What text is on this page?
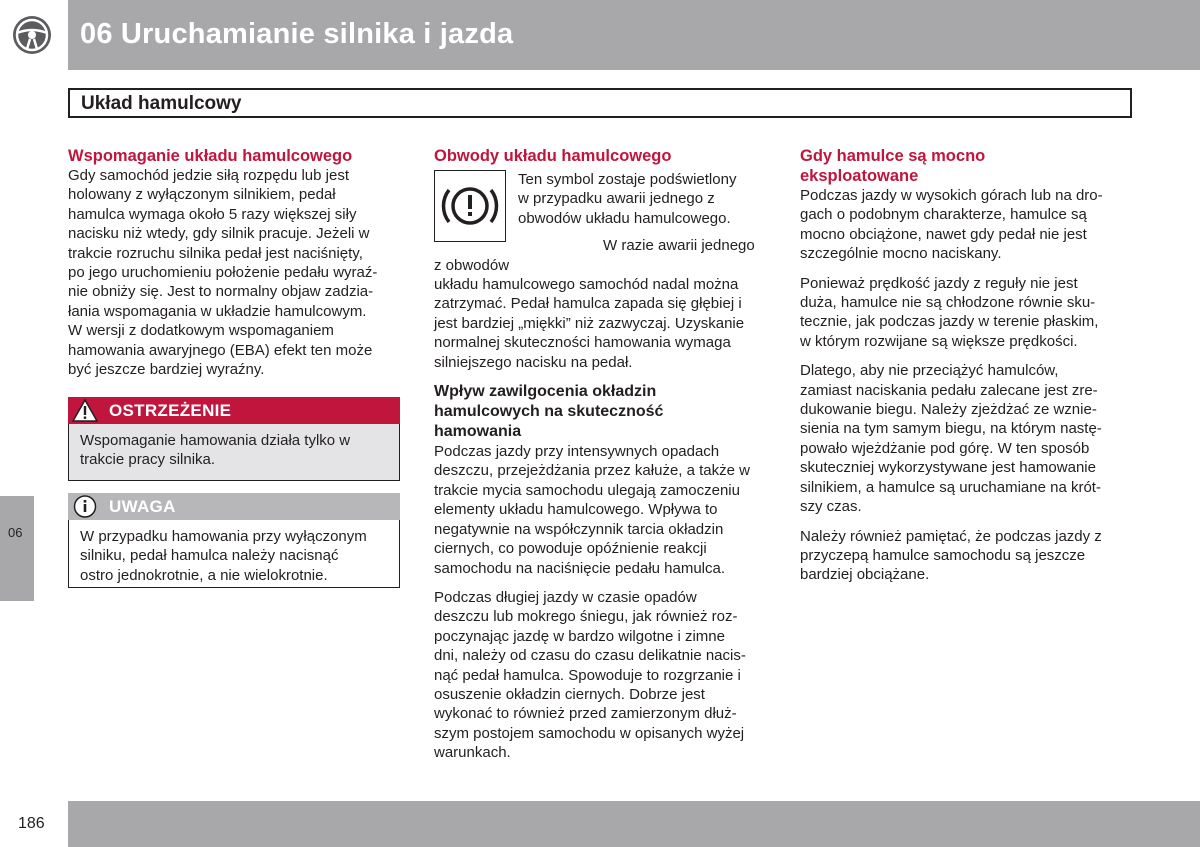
06 Uruchamianie silnika i jazda
Układ hamulcowy
Wspomaganie układu hamulcowego

Gdy samochód jedzie siłą rozpędu lub jest
holowany z wyłączonym silnikiem, pedał
hamulca wymaga około 5 razy większej siły
nacisku niż wtedy, gdy silnik pracuje. Jeżeli w
trakcie rozruchu silnika pedał jest naciśnięty,
po jego uruchomieniu położenie pedału wyraź-
nie obniży się. Jest to normalny objaw zadzia-
łania wspomagania w układzie hamulcowym.
W wersji z dodatkowym wspomaganiem
hamowania awaryjnego (EBA) efekt ten może
być jeszcze bardziej wyraźny.

OSTRZEŻENIE

Wspomaganie hamowania działa tylko w
trakcie pracy silnika.

UWAGA

W przypadku hamowania przy wyłączonym
silniku, pedał hamulca należy nacisnąć
ostro jednokrotnie, a nie wielokrotnie.

Obwody układu hamulcowego

Ten symbol zostaje podświetlony
w przypadku awarii jednego z
obwodów układu hamulcowego.

W razie awarii jednego z obwodów
układu hamulcowego samochód nadal można
zatrzymać. Pedał hamulca zapada się głębiej i
jest bardziej „miękki” niż zazwyczaj. Uzyskanie
normalnej skuteczności hamowania wymaga
silniejszego nacisku na pedał.

Wpływ zawilgocenia okładzin
hamulcowych na skuteczność
hamowania

Podczas jazdy przy intensywnych opadach
deszczu, przejeżdżania przez kałuże, a także w
trakcie mycia samochodu ulegają zamoczeniu
elementy układu hamulcowego. Wpływa to
negatywnie na współczynnik tarcia okładzin
ciernych, co powoduje opóźnienie reakcji
samochodu na naciśnięcie pedału hamulca.

Podczas długiej jazdy w czasie opadów
deszczu lub mokrego śniegu, jak również roz-
poczynając jazdę w bardzo wilgotne i zimne
dni, należy od czasu do czasu delikatnie nacis-
nąć pedał hamulca. Spowoduje to rozgrzanie i
osuszenie okładzin ciernych. Dobrze jest
wykonać to również przed zamierzonym dłuż-
szym postojem samochodu w opisanych wyżej
warunkach.

Gdy hamulce są mocno
eksploatowane

Podczas jazdy w wysokich górach lub na dro-
gach o podobnym charakterze, hamulce są
mocno obciążone, nawet gdy pedał nie jest
szczególnie mocno naciskany.

Ponieważ prędkość jazdy z reguły nie jest
duża, hamulce nie są chłodzone równie sku-
tecznie, jak podczas jazdy w terenie płaskim,
w którym rozwijane są większe prędkości.

Dlatego, aby nie przeciążyć hamulców,
zamiast naciskania pedału zalecane jest zre-
dukowanie biegu. Należy zjeżdżać ze wznie-
sienia na tym samym biegu, na którym nastę-
powało wjeżdżanie pod górę. W ten sposób
skuteczniej wykorzystywane jest hamowanie
silnikiem, a hamulce są uruchamiane na krót-
szy czas.

Należy również pamiętać, że podczas jazdy z
przyczepą hamulce samochodu są jeszcze
bardziej obciążane.

06
186
